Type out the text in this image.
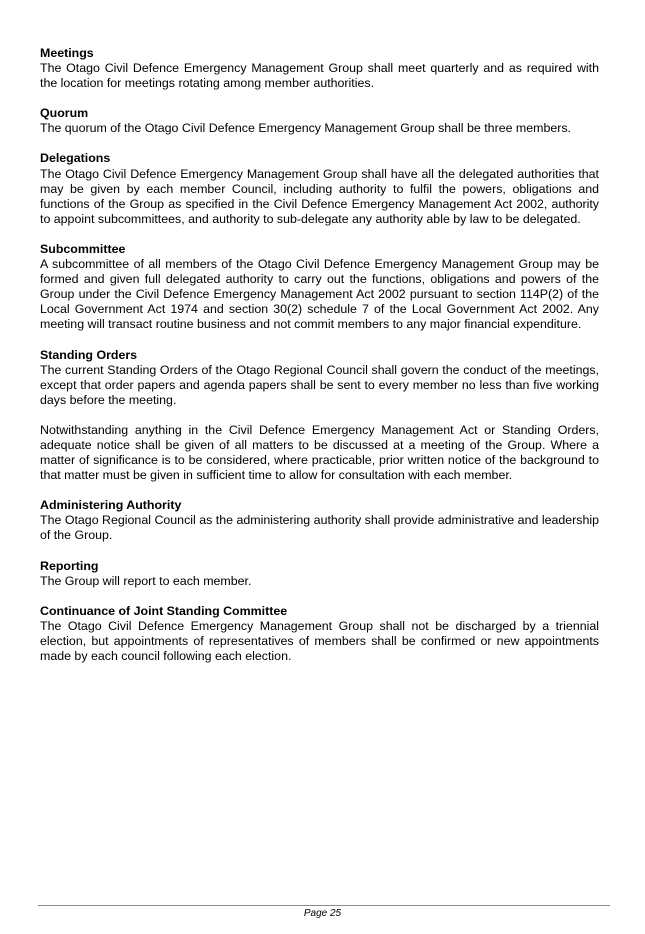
Meetings

The Otago Civil Defence Emergency Management Group shall meet quarterly and as required with the location for meetings rotating among member authorities.

Quorum

The quorum of the Otago Civil Defence Emergency Management Group shall be three members.

Delegations

The Otago Civil Defence Emergency Management Group shall have all the delegated authorities that may be given by each member Council, including authority to fulfil the powers, obligations and functions of the Group as specified in the Civil Defence Emergency Management Act 2002, authority to appoint subcommittees, and authority to sub-delegate any authority able by law to be delegated.

Subcommittee

A subcommittee of all members of the Otago Civil Defence Emergency Management Group may be formed and given full delegated authority to carry out the functions, obligations and powers of the Group under the Civil Defence Emergency Management Act 2002 pursuant to section 114P(2) of the Local Government Act 1974 and section 30(2) schedule 7 of the Local Government Act 2002. Any meeting will transact routine business and not commit members to any major financial expenditure.

Standing Orders

The current Standing Orders of the Otago Regional Council shall govern the conduct of the meetings, except that order papers and agenda papers shall be sent to every member no less than five working days before the meeting.

Notwithstanding anything in the Civil Defence Emergency Management Act or Standing Orders, adequate notice shall be given of all matters to be discussed at a meeting of the Group. Where a matter of significance is to be considered, where practicable, prior written notice of the background to that matter must be given in sufficient time to allow for consultation with each member.

Administering Authority

The Otago Regional Council as the administering authority shall provide administrative and leadership of the Group.

Reporting

The Group will report to each member.

Continuance of Joint Standing Committee

The Otago Civil Defence Emergency Management Group shall not be discharged by a triennial election, but appointments of representatives of members shall be confirmed or new appointments made by each council following each election.

Page 25
